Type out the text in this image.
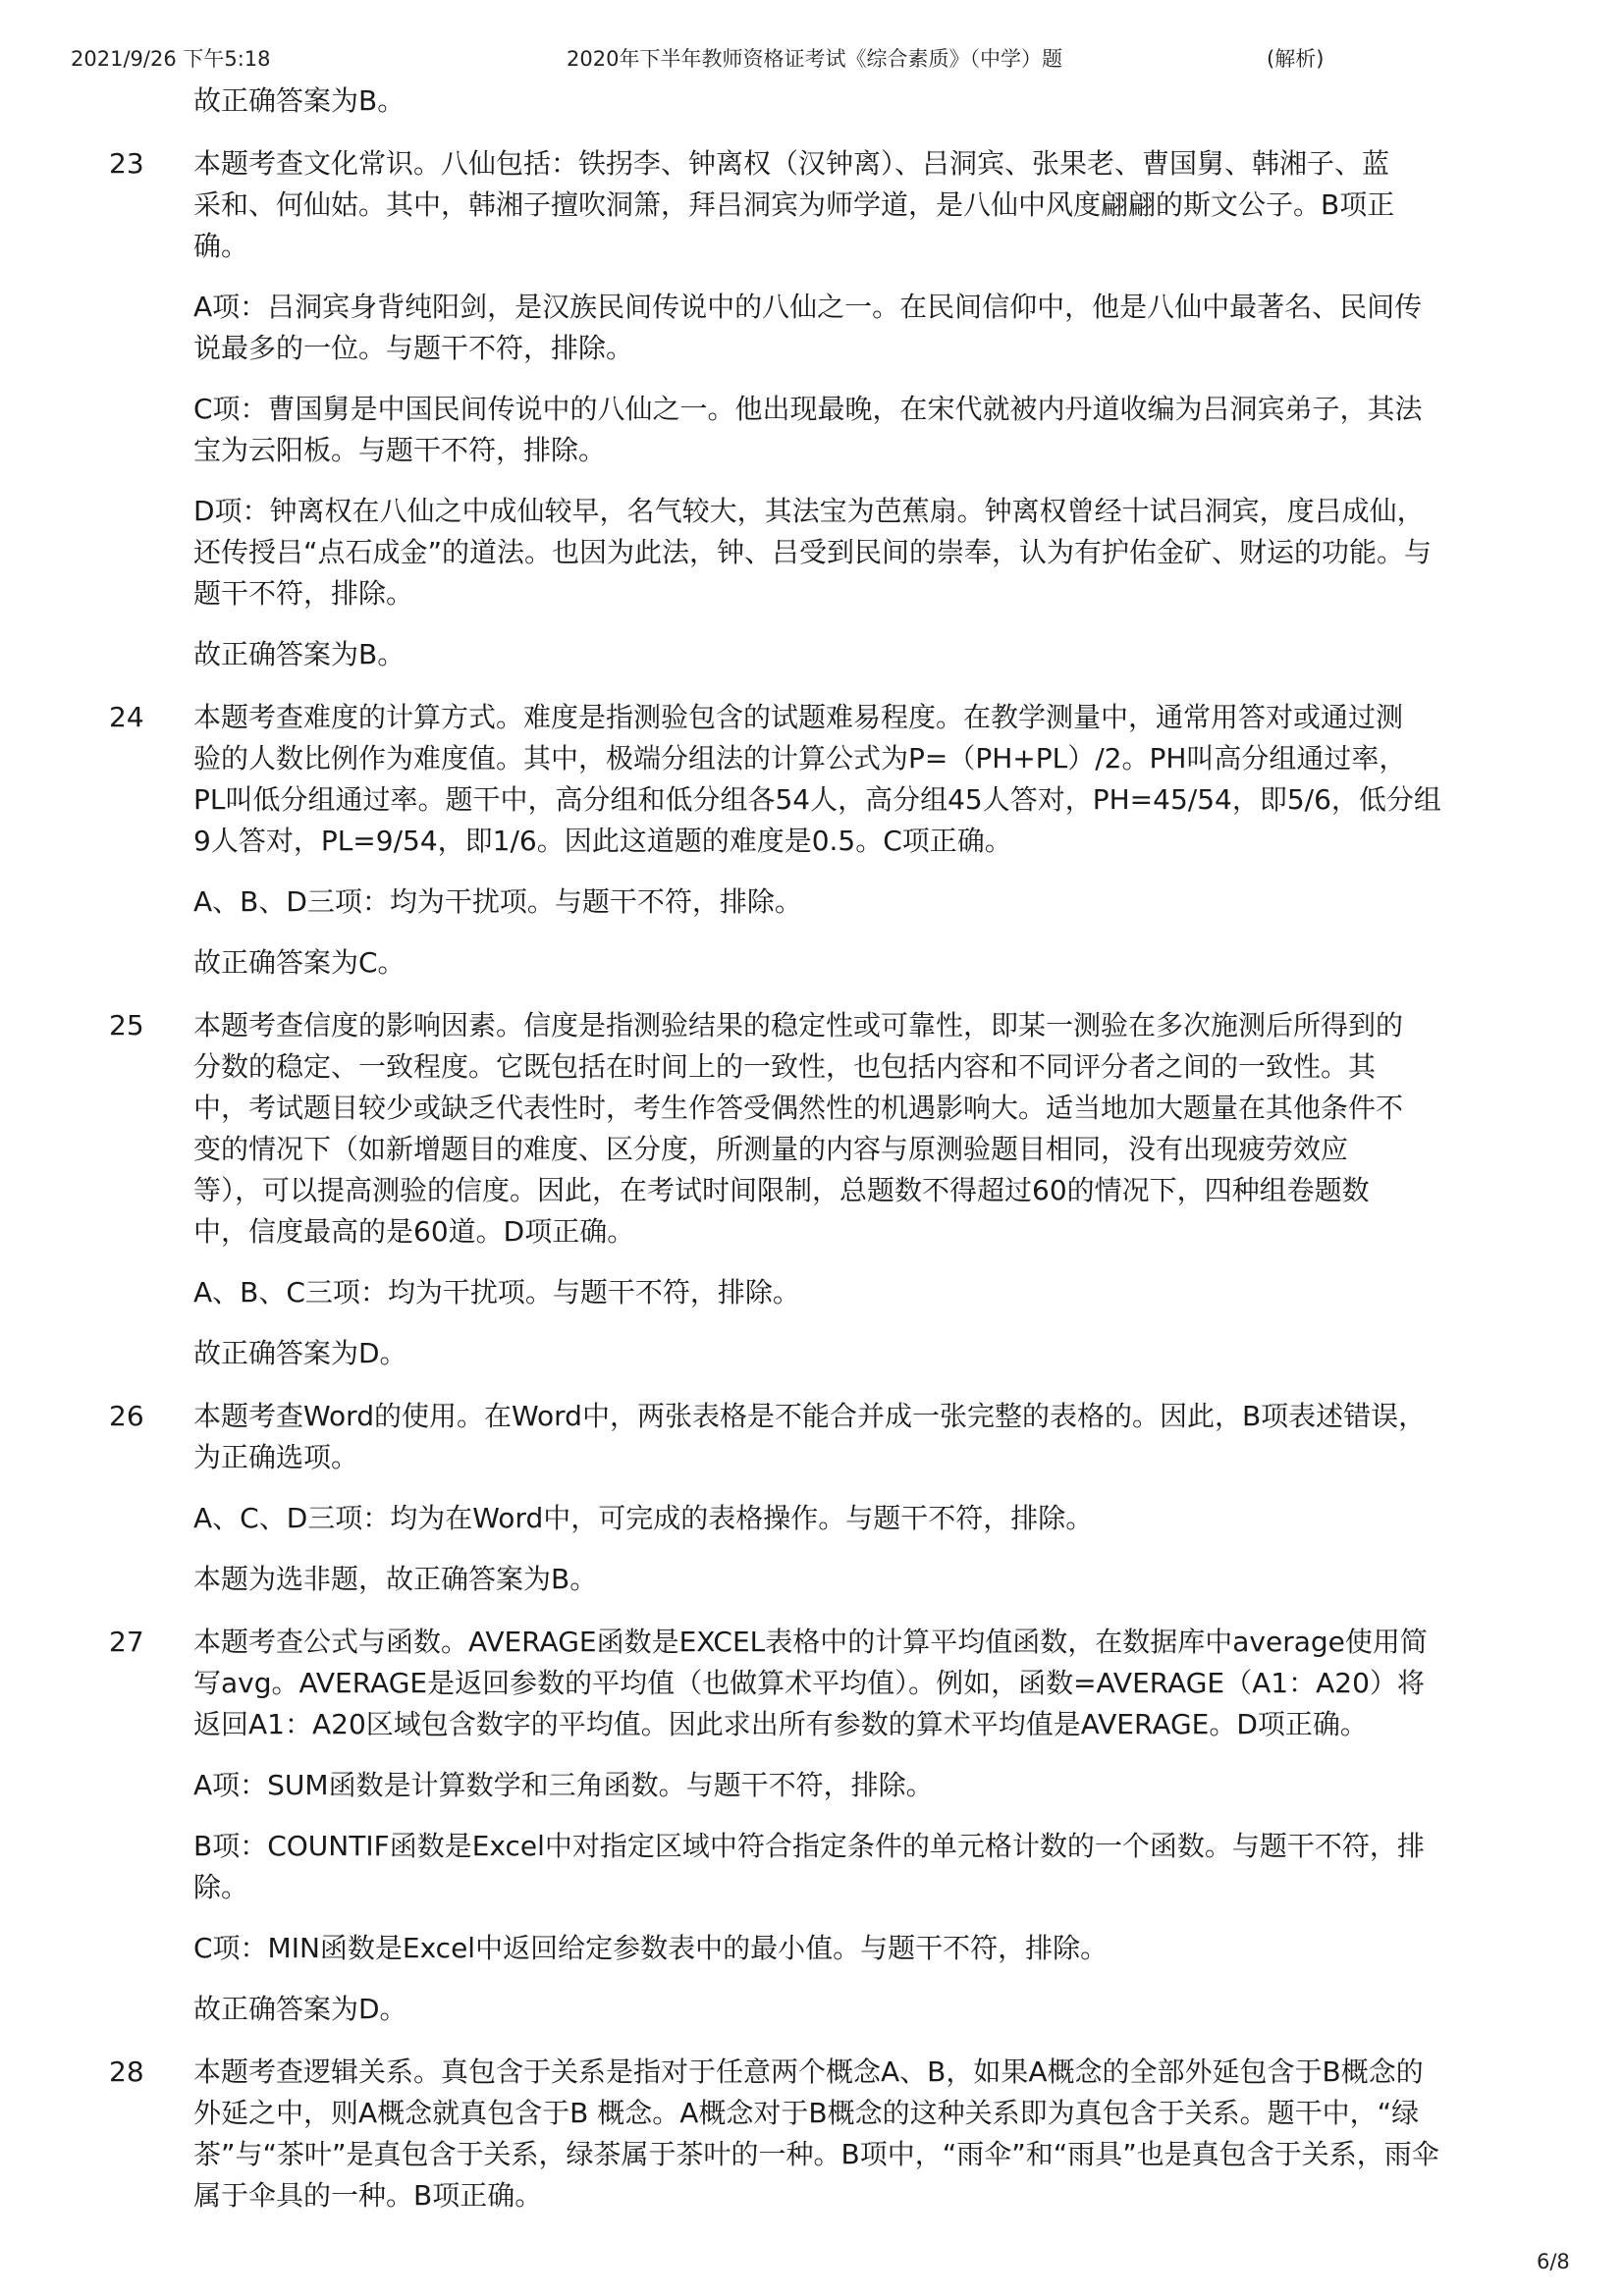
2021/9/26 下午5:18	2020年下半年教师资格证考试《综合素质》（中学）题	(解析)
故正确答案为B。
23	本题考查文化常识。八仙包括：铁拐李、钟离权（汉钟离）、吕洞宾、张果老、曹国舅、韩湘子、蓝
采和、何仙姑。其中，韩湘子擅吹洞箫，拜吕洞宾为师学道，是八仙中风度翩翩的斯文公子。B项正
确。
A项：吕洞宾身背纯阳剑，是汉族民间传说中的八仙之一。在民间信仰中，他是八仙中最著名、民间传
说最多的一位。与题干不符，排除。
C项：曹国舅是中国民间传说中的八仙之一。他出现最晚，在宋代就被内丹道收编为吕洞宾弟子，其法
宝为云阳板。与题干不符，排除。
D项：钟离权在八仙之中成仙较早，名气较大，其法宝为芭蕉扇。钟离权曾经十试吕洞宾，度吕成仙，
还传授吕“点石成金”的道法。也因为此法，钟、吕受到民间的崇奉，认为有护佑金矿、财运的功能。与
题干不符，排除。
故正确答案为B。
24	本题考查难度的计算方式。难度是指测验包含的试题难易程度。在教学测量中，通常用答对或通过测
验的人数比例作为难度值。其中，极端分组法的计算公式为P=（PH+PL）/2。PH叫高分组通过率，
PL叫低分组通过率。题干中，高分组和低分组各54人，高分组45人答对，PH=45/54，即5/6，低分组
9人答对，PL=9/54，即1/6。因此这道题的难度是0.5。C项正确。
A、B、D三项：均为干扰项。与题干不符，排除。
故正确答案为C。
25	本题考查信度的影响因素。信度是指测验结果的稳定性或可靠性，即某一测验在多次施测后所得到的
分数的稳定、一致程度。它既包括在时间上的一致性，也包括内容和不同评分者之间的一致性。其
中，考试题目较少或缺乏代表性时，考生作答受偶然性的机遇影响大。适当地加大题量在其他条件不
变的情况下（如新增题目的难度、区分度，所测量的内容与原测验题目相同，没有出现疲劳效应
等），可以提高测验的信度。因此，在考试时间限制，总题数不得超过60的情况下，四种组卷题数
中，信度最高的是60道。D项正确。
A、B、C三项：均为干扰项。与题干不符，排除。
故正确答案为D。
26	本题考查Word的使用。在Word中，两张表格是不能合并成一张完整的表格的。因此，B项表述错误，
为正确选项。
A、C、D三项：均为在Word中，可完成的表格操作。与题干不符，排除。
本题为选非题，故正确答案为B。
27	本题考查公式与函数。AVERAGE函数是EXCEL表格中的计算平均值函数，在数据库中average使用简
写avg。AVERAGE是返回参数的平均值（也做算术平均值）。例如，函数=AVERAGE（A1：A20）将
返回A1：A20区域包含数字的平均值。因此求出所有参数的算术平均值是AVERAGE。D项正确。
A项：SUM函数是计算数学和三角函数。与题干不符，排除。
B项：COUNTIF函数是Excel中对指定区域中符合指定条件的单元格计数的一个函数。与题干不符，排
除。
C项：MIN函数是Excel中返回给定参数表中的最小值。与题干不符，排除。
故正确答案为D。
28	本题考查逻辑关系。真包含于关系是指对于任意两个概念A、B，如果A概念的全部外延包含于B概念的
外延之中，则A概念就真包含于B 概念。A概念对于B概念的这种关系即为真包含于关系。题干中，“绿
茶”与“茶叶”是真包含于关系，绿茶属于茶叶的一种。B项中，“雨伞”和“雨具”也是真包含于关系，雨伞
属于伞具的一种。B项正确。
6/8
